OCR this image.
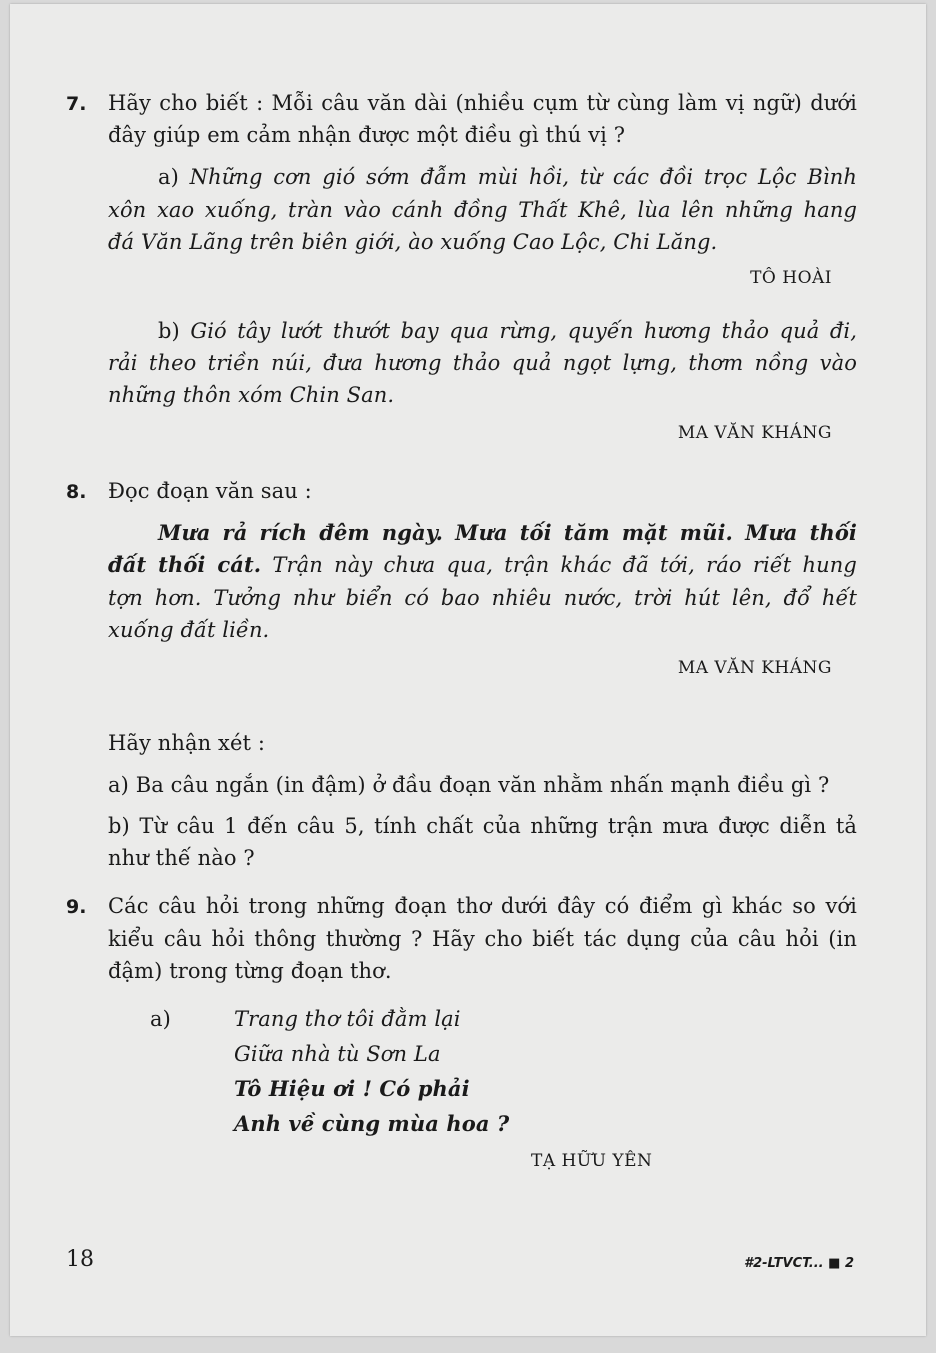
7. Hãy cho biết : Mỗi câu văn dài (nhiều cụm từ cùng làm vị ngữ) dưới
đây giúp em cảm nhận được một điều gì thú vị ?
a) Những cơn gió sớm đẫm mùi hồi, từ các đồi trọc Lộc Bình
xôn xao xuống, tràn vào cánh đồng Thất Khê, lùa lên những hang
đá Văn Lãng trên biên giới, ào xuống Cao Lộc, Chi Lăng.
TÔ HOÀI
b) Gió tây lướt thướt bay qua rừng, quyến hương thảo quả đi,
rải theo triền núi, đưa hương thảo quả ngọt lựng, thơm nồng vào
những thôn xóm Chin San.
MA VĂN KHÁNG
8. Đọc đoạn văn sau :
Mưa rả rích đêm ngày. Mưa tối tăm mặt mũi. Mưa thối
đất thối cát. Trận này chưa qua, trận khác đã tới, ráo riết hung
tợn hơn. Tưởng như biển có bao nhiêu nước, trời hút lên, đổ hết
xuống đất liền.
MA VĂN KHÁNG
Hãy nhận xét :
a) Ba câu ngắn (in đậm) ở đầu đoạn văn nhằm nhấn mạnh điều gì ?
b) Từ câu 1 đến câu 5, tính chất của những trận mưa được diễn tả
như thế nào ?
9. Các câu hỏi trong những đoạn thơ dưới đây có điểm gì khác so với
kiểu câu hỏi thông thường ? Hãy cho biết tác dụng của câu hỏi (in
đậm) trong từng đoạn thơ.
a)	Trang thơ tôi đằm lại
Giữa nhà tù Sơn La
Tô Hiệu ơi ! Có phải
Anh về cùng mùa hoa ?
TẠ HỮU YÊN
18	#2-LTVCT... ■ 2
